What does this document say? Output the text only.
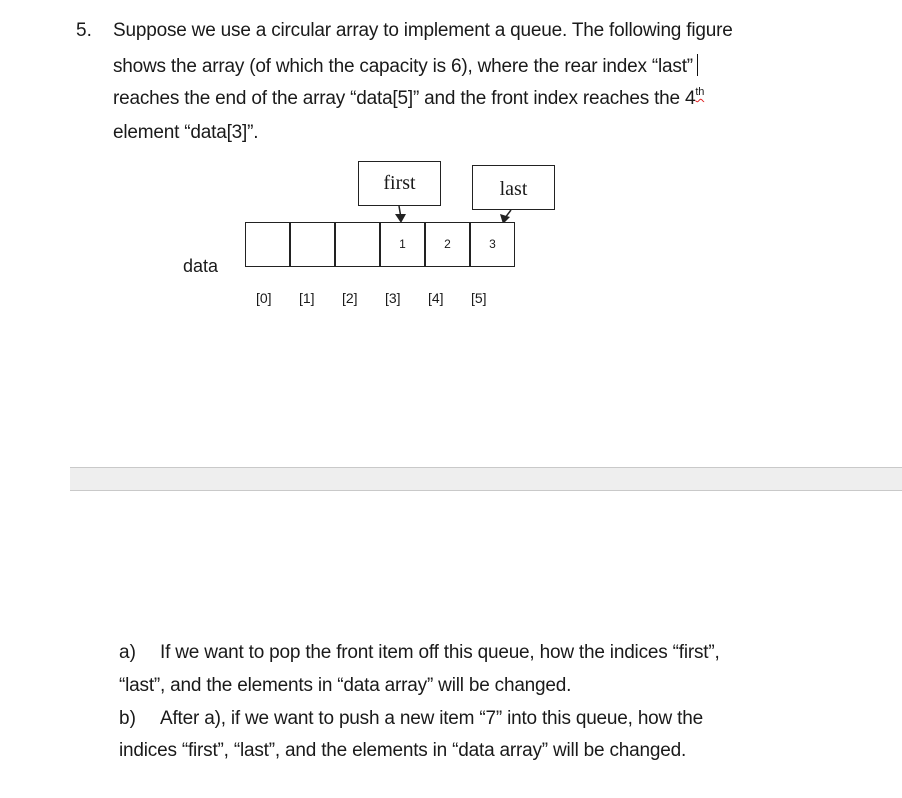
5. Suppose we use a circular array to implement a queue. The following figure
shows the array (of which the capacity is 6), where the rear index “last”
reaches the end of the array “data[5]” and the front index reaches the 4th
element “data[3]”.
first	last
1	2	3
data
[0] [1] [2] [3] [4] [5]
a) If we want to pop the front item off this queue, how the indices “first”,
“last”, and the elements in “data array” will be changed.
b) After a), if we want to push a new item “7” into this queue, how the
indices “first”, “last”, and the elements in “data array” will be changed.
